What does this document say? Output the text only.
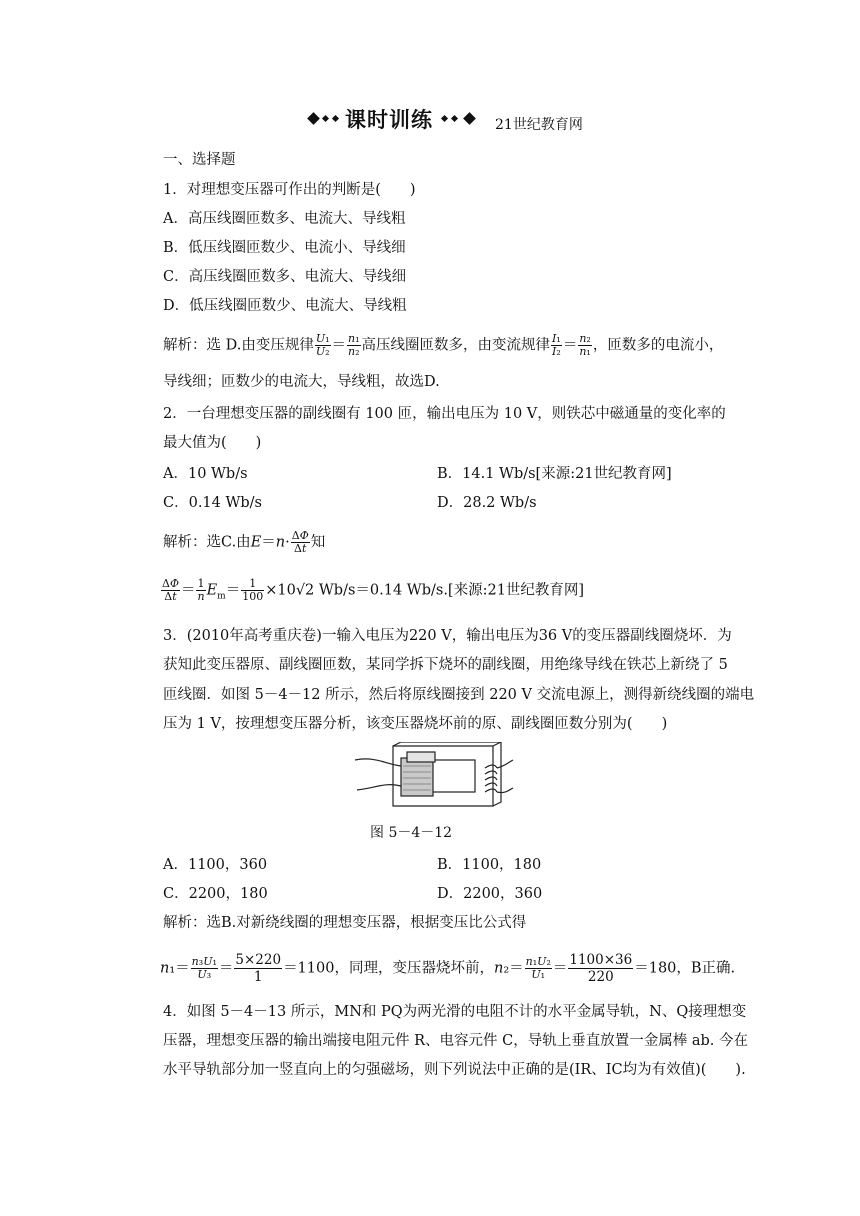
课时训练	21世纪教育网
一、选择题
1．对理想变压器可作出的判断是(　　)
A．高压线圈匝数多、电流大、导线粗
B．低压线圈匝数少、电流小、导线细
C．高压线圈匝数多、电流大、导线细
D．低压线圈匝数少、电流大、导线粗
解析：选 D.由变压规律 $\frac{\text{U₁}}{\text{U₂}} = \frac{\text{n₁}}{\text{n₂}}$ 高压线圈匝数多，由变流规律 $\frac{\text{I₁}}{\text{I₂}} = \frac{\text{n₂}}{\text{n₁}}$ ，匝数多的电流小，
导线细；匝数少的电流大，导线粗，故选D.
2．一台理想变压器的副线圈有 100 匝，输出电压为 10 V，则铁芯中磁通量的变化率的
最大值为(　　)
A．10 Wb/s	B．14.1 Wb/s[来源:21世纪教育网]
C．0.14 Wb/s	D．28.2 Wb/s
解析：选C.由$E=n\cdot \frac{\Delta\Phi}{\Delta t}$ 知
$\frac{\Delta\Phi}{\Delta t} = \frac{1}{n} E_m= \frac{1}{100} \times 10√2$ Wb/s＝0.14 Wb/s.[来源:21世纪教育网]
3．(2010年高考重庆卷)一输入电压为220 V，输出电压为36 V的变压器副线圈烧坏．为
获知此变压器原、副线圈匝数，某同学拆下烧坏的副线圈，用绝缘导线在铁芯上新绕了 5
匝线圈．如图 5－4－12 所示，然后将原线圈接到 220 V 交流电源上，测得新绕线圈的端电
压为 1 V，按理想变压器分析，该变压器烧坏前的原、副线圈匝数分别为(　　)
图 5－4－12
A．1100，360	B．1100，180
C．2200，180	D．2200，360
解析：选B.对新绕线圈的理想变压器，根据变压比公式得
$n_1= \frac{\text{n₃U₁}}{\text{U₃}} = \frac{5\times 220}{1} =1100$，同理，变压器烧坏前，$n_2= \frac{\text{n₁U₂}}{\text{U₁}} = \frac{1100\times 36}{220} =180$，B正确.
4．如图 5－4－13 所示，MN和 PQ为两光滑的电阻不计的水平金属导轨，N、Q接理想变
压器，理想变压器的输出端接电阻元件 R、电容元件 C，导轨上垂直放置一金属棒 ab. 今在
水平导轨部分加一竖直向上的匀强磁场，则下列说法中正确的是(IR、IC均为有效值)(　　).
